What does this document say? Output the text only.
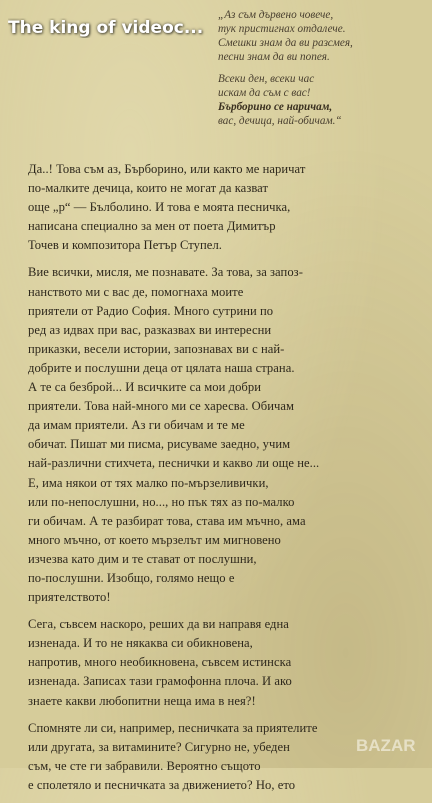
The king of videoc...
„Аз съм дървено човече,
тук пристигнах отдалече.
Смешки знам да ви разсмея,
песни знам да ви попея.
Всеки ден, всеки час
искам да съм с вас!
Бърборино се наричам,
вас, дечица, най-обичам.“
Да..! Това съм аз, Бърборино, или както ме наричат
по-малките дечица, които не могат да казват
още „р“ — Бълболино. И това е моята песничка,
написана специално за мен от поета Димитър
Точев и композитора Петър Ступел.
Вие всички, мисля, ме познавате. За това, за запоз-
нанството ми с вас де, помогнаха моите
приятели от Радио София. Много сутрини по
ред аз идвах при вас, разказвах ви интересни
приказки, весели истории, запознавах ви с най-
добрите и послушни деца от цялата наша страна.
А те са безброй... И всичките са мои добри
приятели. Това най-много ми се харесва. Обичам
да имам приятели. Аз ги обичам и те ме
обичат. Пишат ми писма, рисуваме заедно, учим
най-различни стихчета, песнички и какво ли още не...
Е, има някои от тях малко по-мързеливички,
или по-непослушни, но..., но пък тях аз по-малко
ги обичам. А те разбират това, става им мъчно, ама
много мъчно, от което мързелът им мигновено
изчезва като дим и те стават от послушни,
по-послушни. Изобщо, голямо нещо е
приятелството!
Сега, съвсем наскоро, реших да ви направя една
изненада. И то не някаква си обикновена,
напротив, много необикновена, съвсем истинска
изненада. Записах тази грамофонна плоча. И ако
знаете какви любопитни неща има в нея?!
Спомняте ли си, например, песничката за приятелите
или другата, за витамините? Сигурно не, убеден
съм, че сте ги забравили. Вероятно същото
е сполетяло и песничката за движението? Но, ето
BAZAR
